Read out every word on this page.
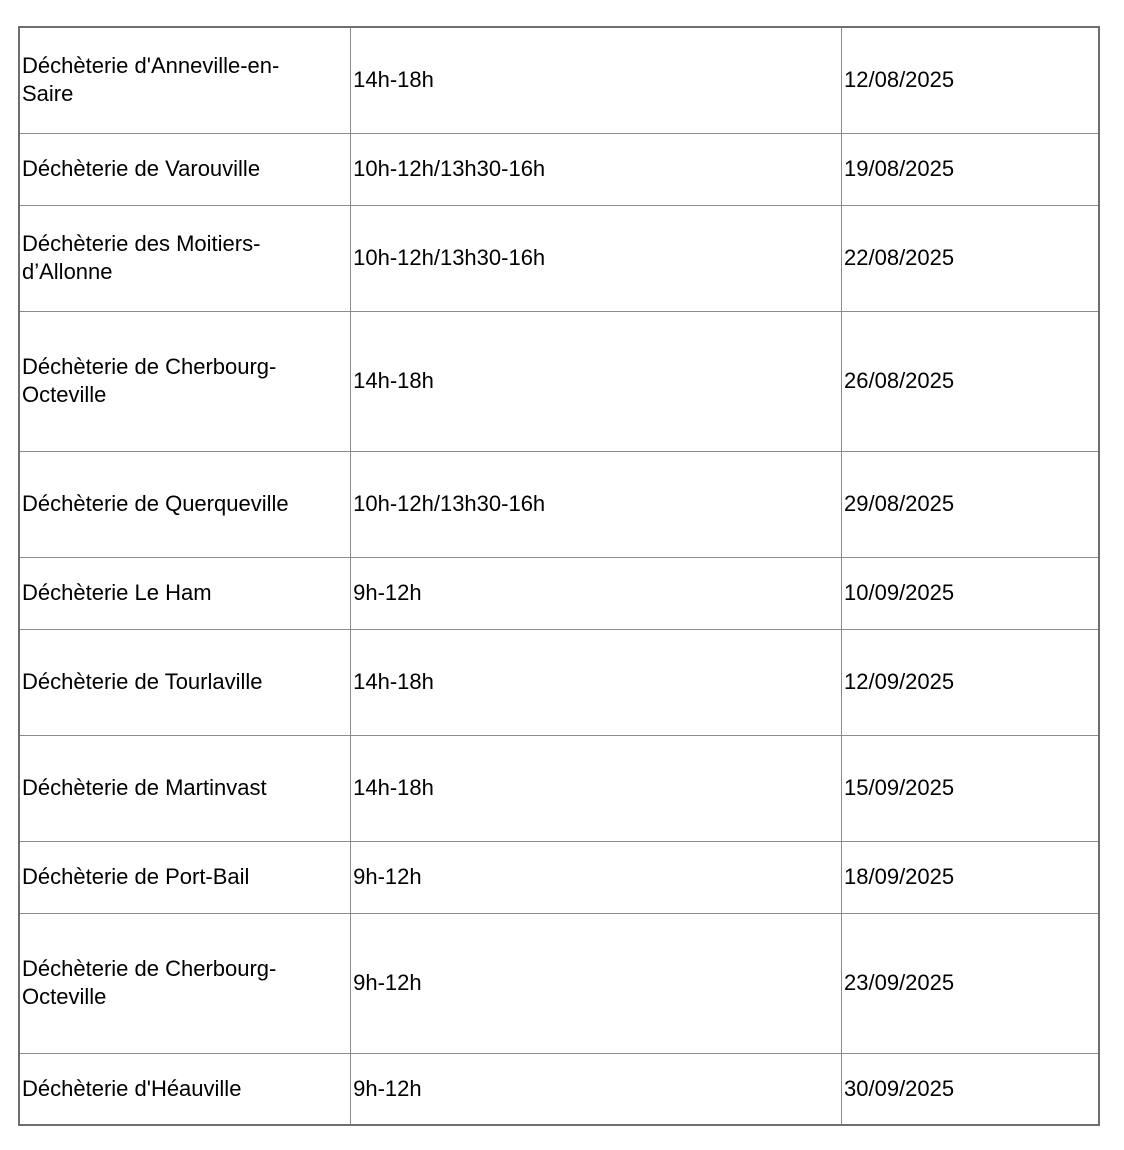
Déchèterie d'Anneville-en-Saire	14h-18h	12/08/2025

Déchèterie de Varouville	10h-12h/13h30-16h	19/08/2025

Déchèterie des Moitiers-d’Allonne	10h-12h/13h30-16h	22/08/2025

Déchèterie de Cherbourg-Octeville	14h-18h	26/08/2025

Déchèterie de Querqueville	10h-12h/13h30-16h	29/08/2025

Déchèterie Le Ham	9h-12h	10/09/2025

Déchèterie de Tourlaville	14h-18h	12/09/2025

Déchèterie de Martinvast	14h-18h	15/09/2025

Déchèterie de Port-Bail	9h-12h	18/09/2025

Déchèterie de Cherbourg-Octeville	9h-12h	23/09/2025

Déchèterie d'Héauville	9h-12h	30/09/2025
